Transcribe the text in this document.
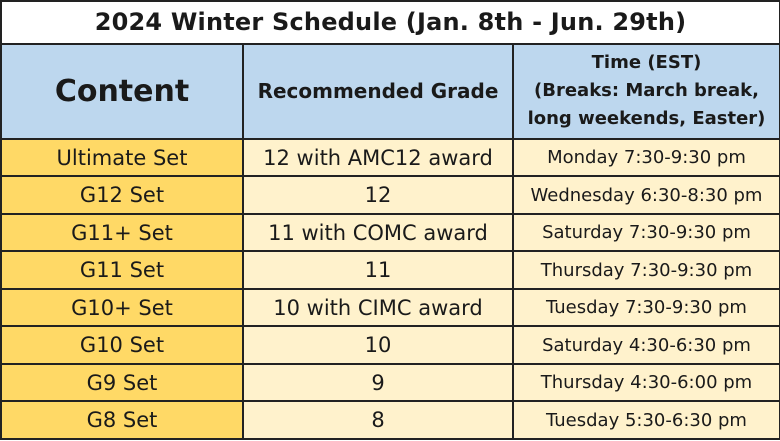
2024 Winter Schedule (Jan. 8th - Jun. 29th)		
Content	Recommended Grade	Time (EST)
(Breaks: March break,
long weekends, Easter)

Ultimate Set	12 with AMC12 award	Monday 7:30-9:30 pm
G12 Set	12	Wednesday 6:30-8:30 pm
G11+ Set	11 with COMC award	Saturday 7:30-9:30 pm
G11 Set	11	Thursday 7:30-9:30 pm
G10+ Set	10 with CIMC award	Tuesday 7:30-9:30 pm
G10 Set	10	Saturday 4:30-6:30 pm
G9 Set	9	Thursday 4:30-6:00 pm
G8 Set	8	Tuesday 5:30-6:30 pm
